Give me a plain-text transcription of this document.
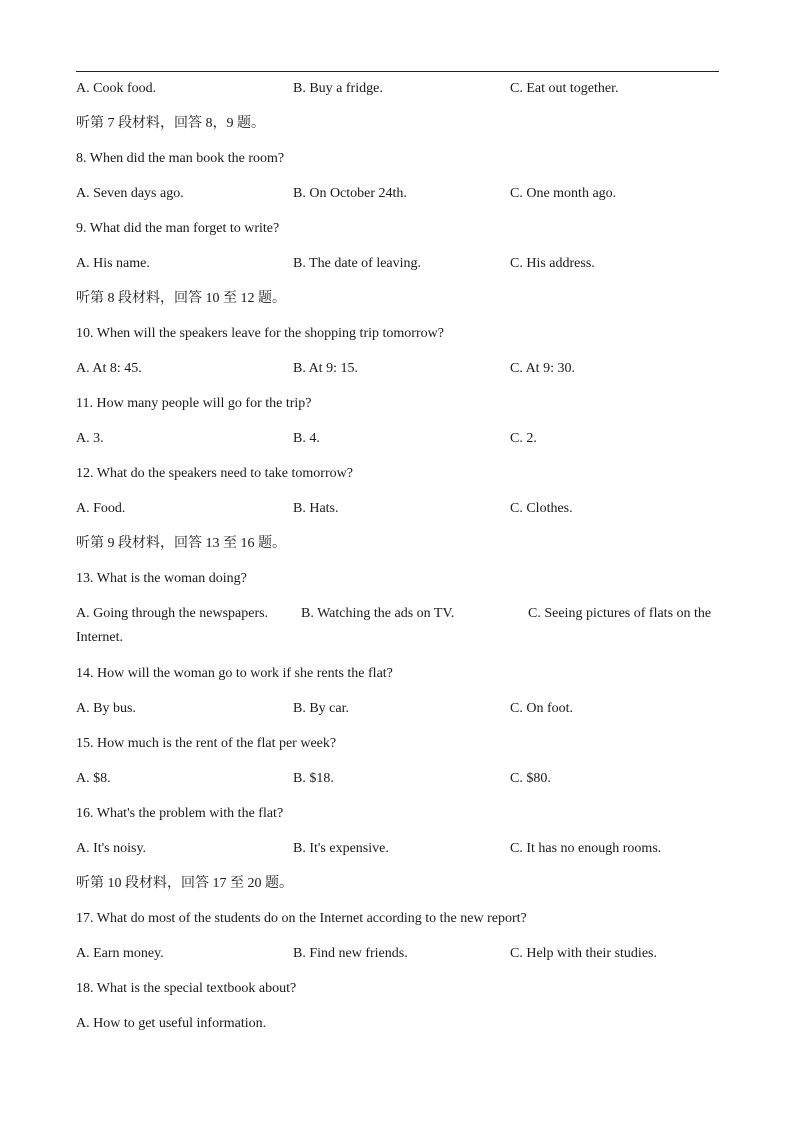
A. Cook food.	B. Buy a fridge.	C. Eat out together.
听第 7 段材料，回答 8，9 题。
8. When did the man book the room?
A. Seven days ago.	B. On October 24th.	C. One month ago.
9. What did the man forget to write?
A. His name.	B. The date of leaving.	C. His address.
听第 8 段材料，回答 10 至 12 题。
10. When will the speakers leave for the shopping trip tomorrow?
A. At 8: 45.	B. At 9: 15.	C. At 9: 30.
11. How many people will go for the trip?
A. 3.	B. 4.	C. 2.
12. What do the speakers need to take tomorrow?
A. Food.	B. Hats.	C. Clothes.
听第 9 段材料，回答 13 至 16 题。
13. What is the woman doing?
A. Going through the newspapers. B. Watching the ads on TV.	C. Seeing pictures of flats on the
Internet.
14. How will the woman go to work if she rents the flat?
A. By bus.	B. By car.	C. On foot.
15. How much is the rent of the flat per week?
A. $8.	B. $18.	C. $80.
16. What's the problem with the flat?
A. It's noisy.	B. It's expensive.	C. It has no enough rooms.
听第 10 段材料，回答 17 至 20 题。
17. What do most of the students do on the Internet according to the new report?
A. Earn money.	B. Find new friends.	C. Help with their studies.
18. What is the special textbook about?
A. How to get useful information.
